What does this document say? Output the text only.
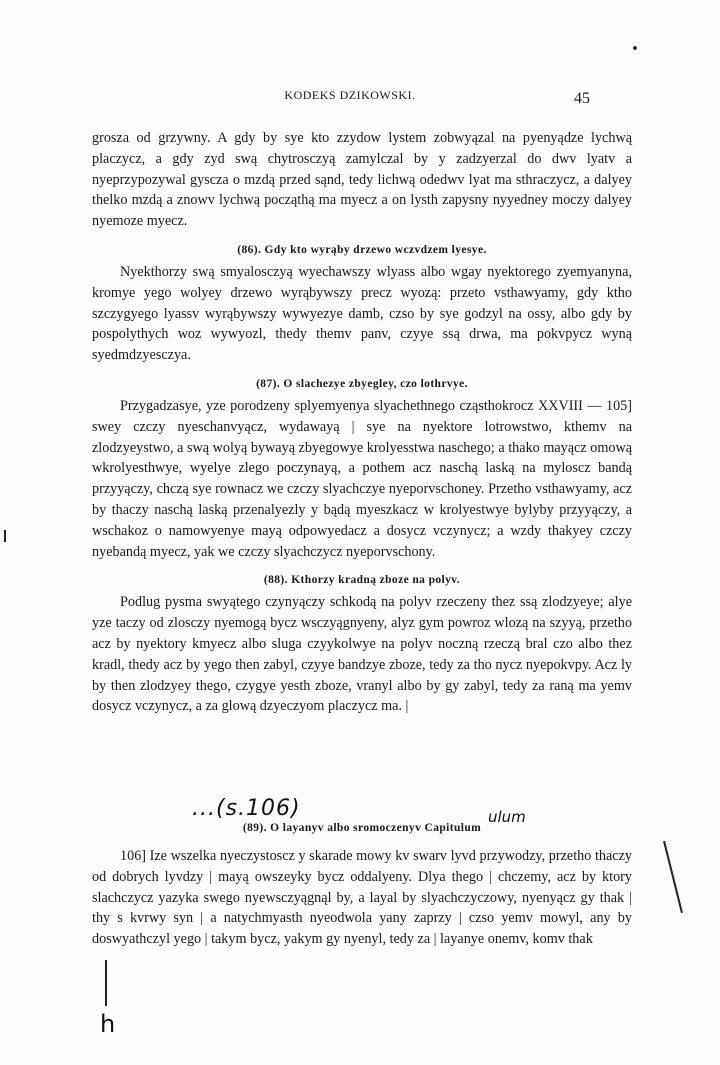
KODEKS DZIKOWSKI.	45

grosza od grzywny. A gdy by sye kto zzydow lystem zobwyązal na pyenyądze lychwą placzycz, a gdy zyd swą chytrosczyą zamylczal by y zadzyerzal do dwv lyatv a nyeprzypozywal gyscza o mzdą przed sąnd, tedy lichwą odedwv lyat ma sthraczycz, a dalyey thelko mzdą a znowv lychwą począthą ma myecz a on lysth zapysny nyyedney moczy dalyey nyemoze myecz.

(86). Gdy kto wyrąby drzewo wczvdzem lyesye.

Nyekthorzy swą smyalosczyą wyechawszy wlyass albo wgay nyektorego zyemyanyna, kromye yego wolyey drzewo wyrąbywszy precz wyozą: przeto vsthawyamy, gdy ktho szczygyego lyassv wyrąbywszy wywyezye damb, czso by sye godzyl na ossy, albo gdy by pospolythych woz wywyozl, thedy themv panv, czyye ssą drwa, ma pokvpycz wyną syedmdzyesczya.

(87). O slachezye zbyegley, czo lothrvye.

Przygadzasye, yze porodzeny splyemyenya slyachethnego cząsthokrocz XXVIII — 105] swey czczy nyeschanvyącz, wydawayą | sye na nyektore lotrowstwo, kthemv na zlodzyeystwo, a swą wolyą bywayą zbyegowye krolyesstwa naschego; a thako mayącz omową wkrolyesthwye, wyelye zlego poczynayą, a pothem acz naschą laską na myloscz bandą przyyączy, chczą sye rownacz we czczy slyachczye nyeporvschoney. Przetho vsthawyamy, acz by thaczy naschą laską przenalyezly y bądą myeszkacz w krolyestwye bylyby przyyączy, a wschakoz o namowyenye mayą odpowyedacz a dosycz vczynycz; a wzdy thakyey czczy nyebandą myecz, yak we czczy slyachczycz nyeporvschony.

(88). Kthorzy kradną zboze na polyv.

Podlug pysma swyątego czynyączy schkodą na polyv rzeczeny thez ssą zlodzyeye; alye yze taczy od zlosczy nyemogą bycz wsczyągnyeny, alyz gym powroz wlozą na szyyą, przetho acz by nyektory kmyecz albo sluga czyykolwye na polyv noczną rzeczą bral czo albo thez kradl, thedy acz by yego then zabyl, czyye bandzye zboze, tedy za tho nycz nyepokvpy. Acz ly by then zlodzyey thego, czygye yesth zboze, vranyl albo by gy zabyl, tedy za raną ma yemv dosycz vczynycz, a za glową dzyeczyom placzycz ma. |

...(s.106)

(89). O layanyv albo sromoczenyv Capitulum

106] Ize wszelka nyeczystoscz y skarade mowy kv swarv lyvd przywodzy, przetho thaczy od dobrych lyvdzy | mayą owszeyky bycz oddalyeny. Dlya thego | chczemy, acz by ktory slachczycz yazyka swego nyewsczyągnąl by, a layal by slyachczyczowy, nyenyącz gy thak | thy s kvrwy syn | a natychmyasth nyeodwola yany zaprzy | czso yemv mowyl, any by doswyathczyl yego | takym bycz, yakym gy nyenyl, tedy za | layanye onemv, komv thak

ulum
h
